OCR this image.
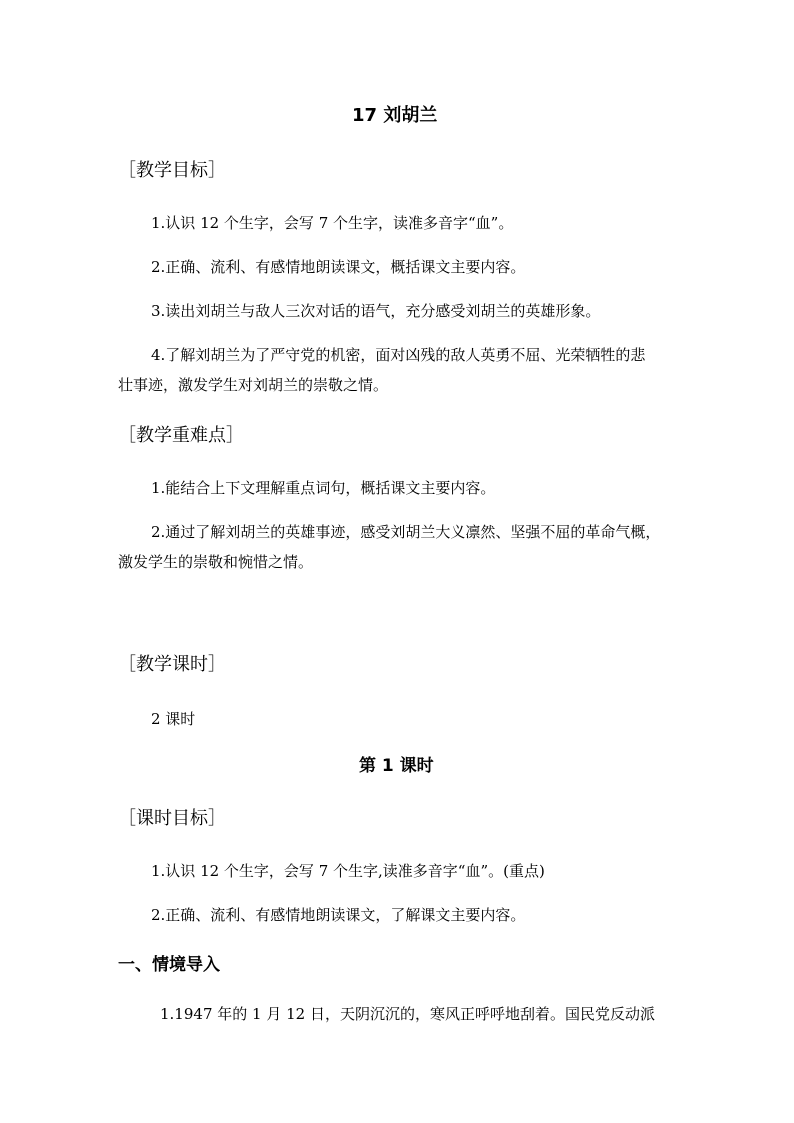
17 刘胡兰
［教学目标］
1.认识 12 个生字，会写 7 个生字，读准多音字“血”。
2.正确、流利、有感情地朗读课文，概括课文主要内容。
3.读出刘胡兰与敌人三次对话的语气，充分感受刘胡兰的英雄形象。
4.了解刘胡兰为了严守党的机密，面对凶残的敌人英勇不屈、光荣牺牲的悲
壮事迹，激发学生对刘胡兰的崇敬之情。
［教学重难点］
1.能结合上下文理解重点词句，概括课文主要内容。
2.通过了解刘胡兰的英雄事迹，感受刘胡兰大义凛然、坚强不屈的革命气概，
激发学生的崇敬和惋惜之情。
［教学课时］
2 课时
第 1 课时
［课时目标］
1.认识 12 个生字，会写 7 个生字,读准多音字“血”。(重点)
2.正确、流利、有感情地朗读课文，了解课文主要内容。
一、情境导入
1.1947 年的 1 月 12 日，天阴沉沉的，寒风正呼呼地刮着。国民党反动派
